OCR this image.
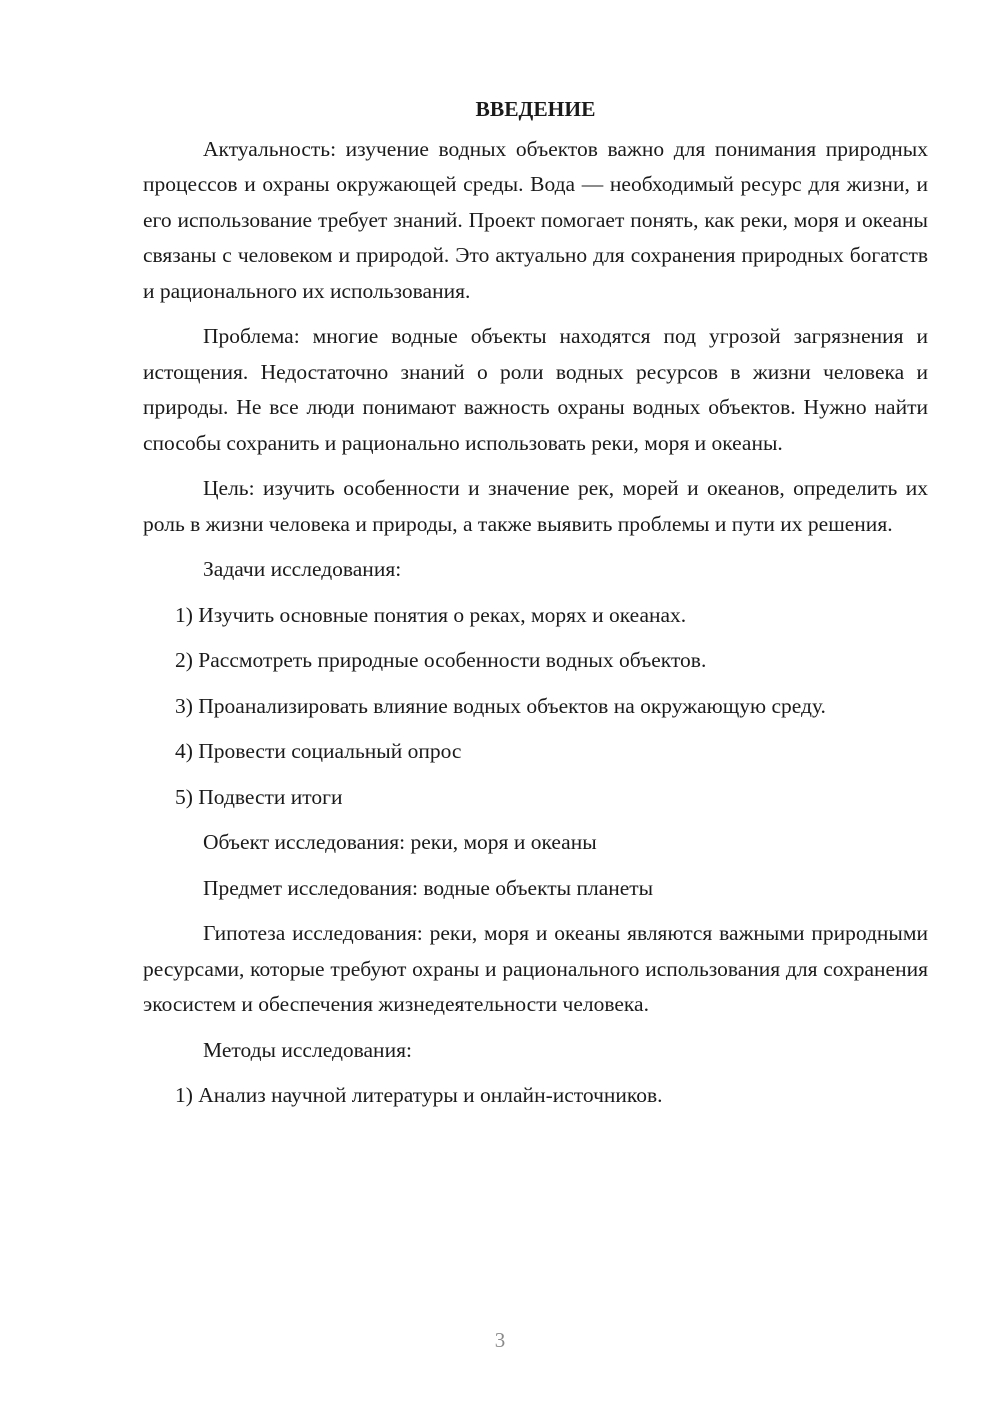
ВВЕДЕНИЕ

Актуальность: изучение водных объектов важно для понимания природных процессов и охраны окружающей среды. Вода — необходимый ресурс для жизни, и его использование требует знаний. Проект помогает понять, как реки, моря и океаны связаны с человеком и природой. Это актуально для сохранения природных богатств и рационального их использования.

Проблема: многие водные объекты находятся под угрозой загрязнения и истощения. Недостаточно знаний о роли водных ресурсов в жизни человека и природы. Не все люди понимают важность охраны водных объектов. Нужно найти способы сохранить и рационально использовать реки, моря и океаны.

Цель: изучить особенности и значение рек, морей и океанов, определить их роль в жизни человека и природы, а также выявить проблемы и пути их решения.

Задачи исследования:

1) Изучить основные понятия о реках, морях и океанах.

2) Рассмотреть природные особенности водных объектов.

3) Проанализировать влияние водных объектов на окружающую среду.

4) Провести социальный опрос

5) Подвести итоги

Объект исследования: реки, моря и океаны

Предмет исследования: водные объекты планеты

Гипотеза исследования: реки, моря и океаны являются важными природными ресурсами, которые требуют охраны и рационального использования для сохранения экосистем и обеспечения жизнедеятельности человека.

Методы исследования:

1) Анализ научной литературы и онлайн-источников.

3
